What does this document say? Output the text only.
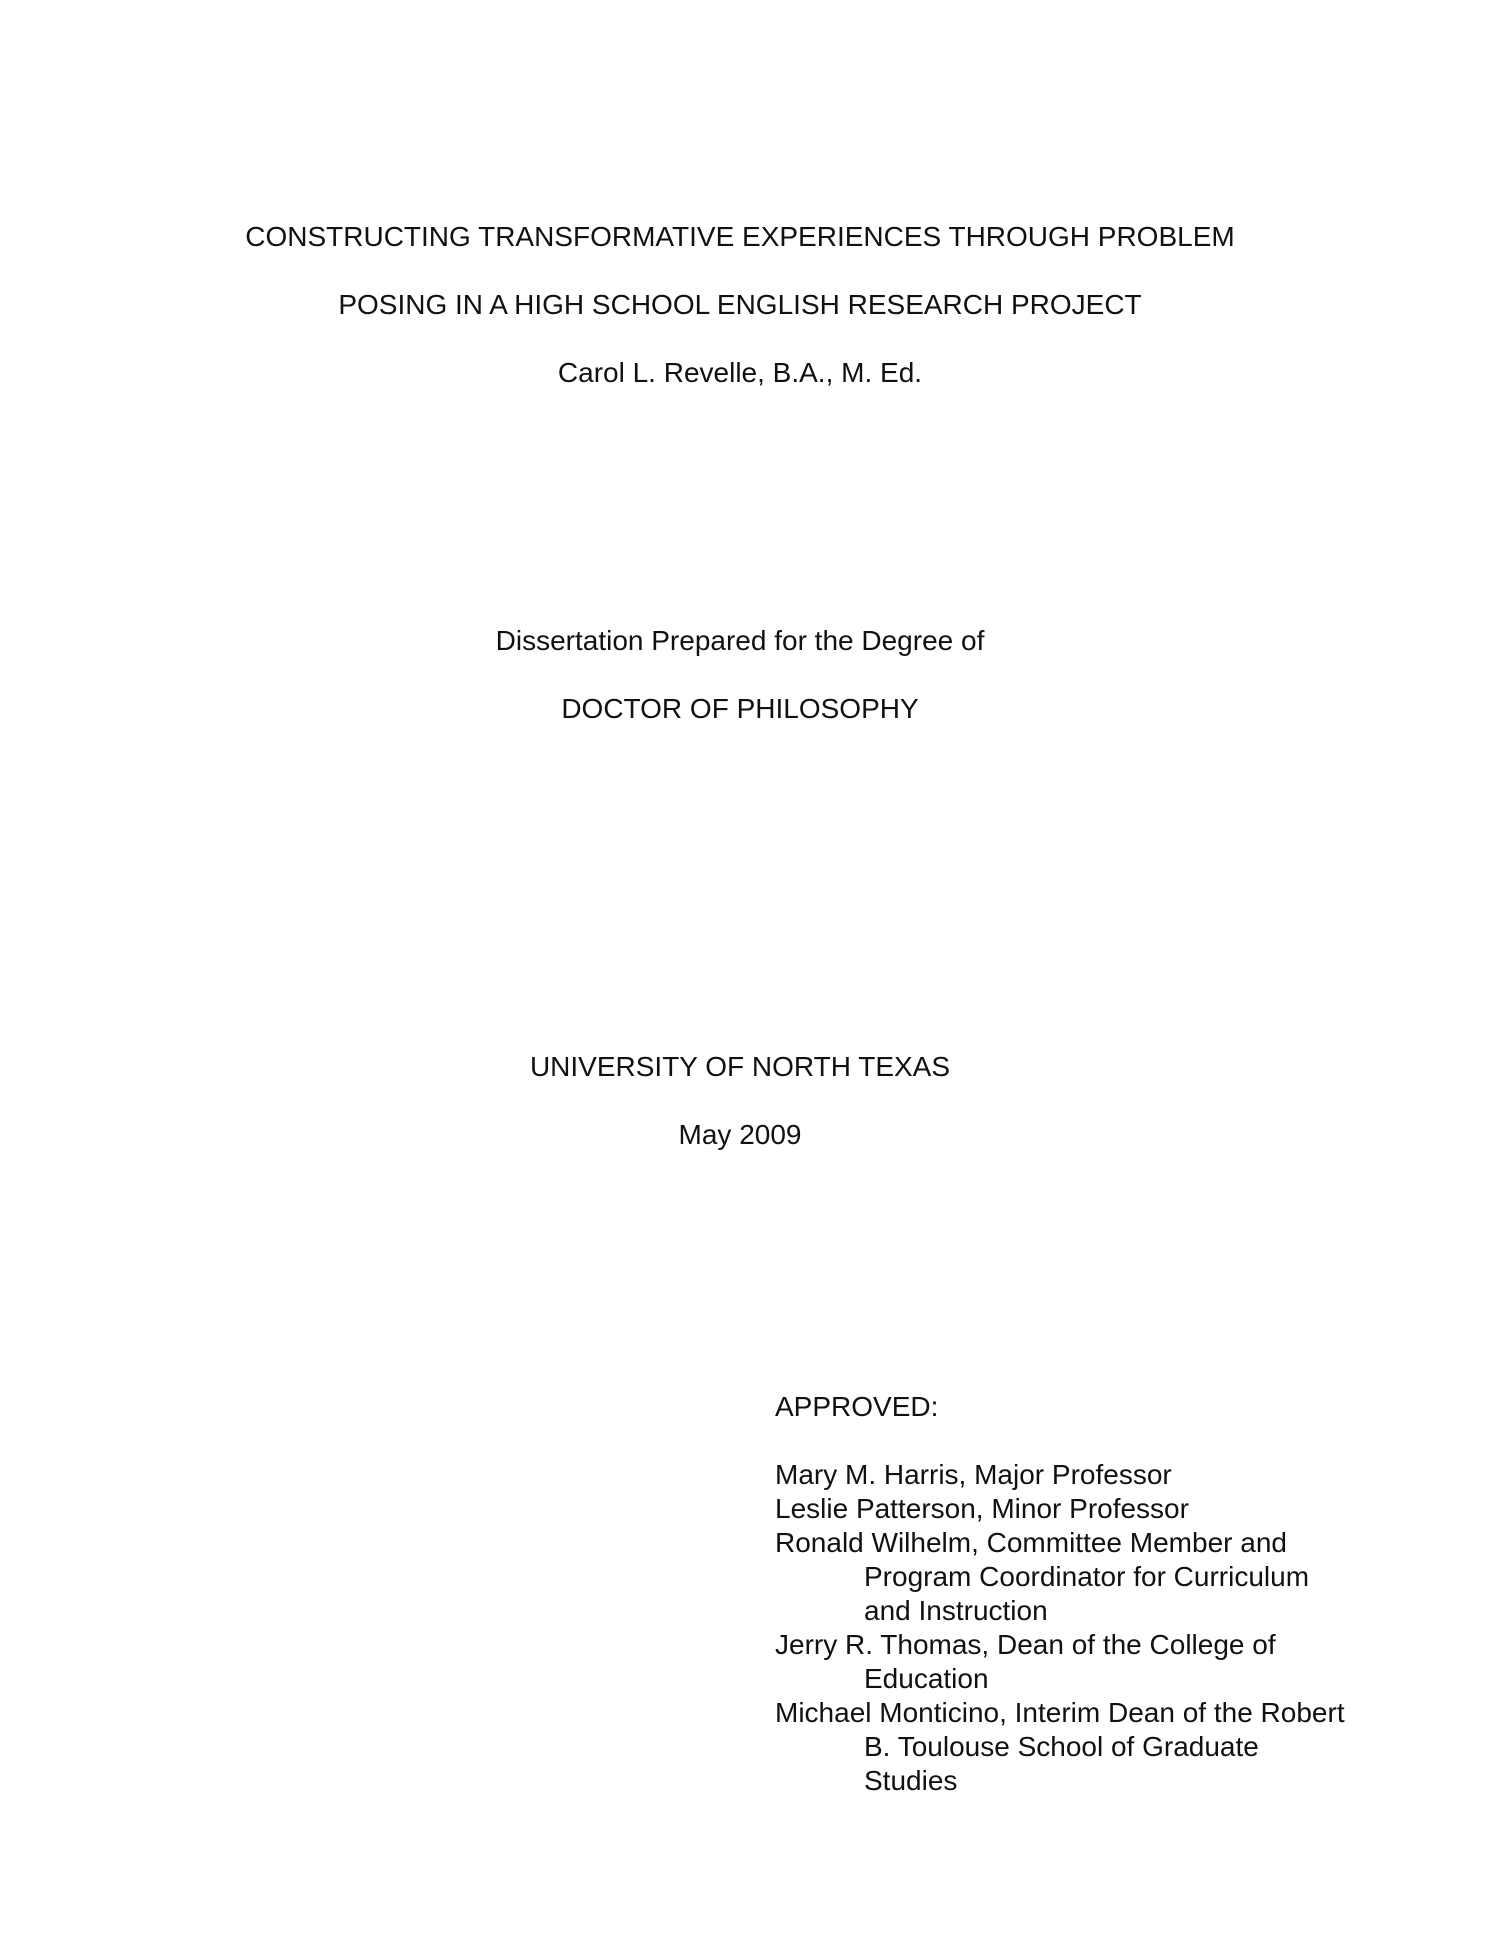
CONSTRUCTING TRANSFORMATIVE EXPERIENCES THROUGH PROBLEM
POSING IN A HIGH SCHOOL ENGLISH RESEARCH PROJECT
Carol L. Revelle, B.A., M. Ed.
Dissertation Prepared for the Degree of
DOCTOR OF PHILOSOPHY
UNIVERSITY OF NORTH TEXAS
May 2009
APPROVED:
Mary M. Harris, Major Professor
Leslie Patterson, Minor Professor
Ronald Wilhelm, Committee Member and
Program Coordinator for Curriculum
and Instruction
Jerry R. Thomas, Dean of the College of
Education
Michael Monticino, Interim Dean of the Robert
B. Toulouse School of Graduate
Studies
